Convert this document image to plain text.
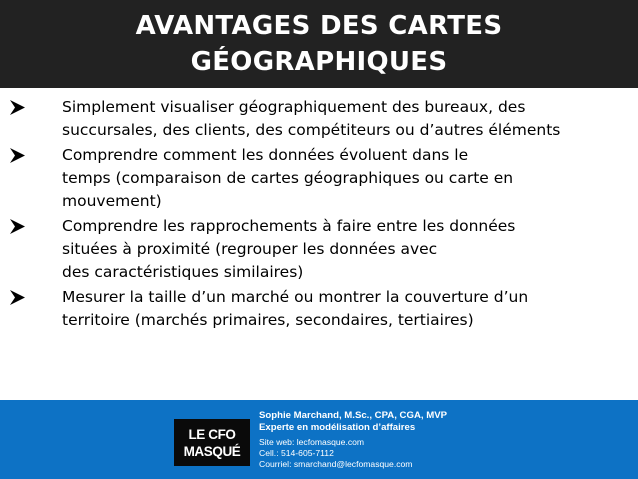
AVANTAGES DES CARTES
GÉOGRAPHIQUES
Simplement visualiser géographiquement des bureaux, des
succursales, des clients, des compétiteurs ou d’autres éléments
Comprendre comment les données évoluent dans le
temps (comparaison de cartes géographiques ou carte en
mouvement)
Comprendre les rapprochements à faire entre les données
situées à proximité (regrouper les données avec
des caractéristiques similaires)
Mesurer la taille d’un marché ou montrer la couverture d’un
territoire (marchés primaires, secondaires, tertiaires)
LE CFO
MASQUÉ
Sophie Marchand, M.Sc., CPA, CGA, MVP
Experte en modélisation d’affaires
Site web: lecfomasque.com
Cell.: 514-605-7112
Courriel: smarchand@lecfomasque.com
